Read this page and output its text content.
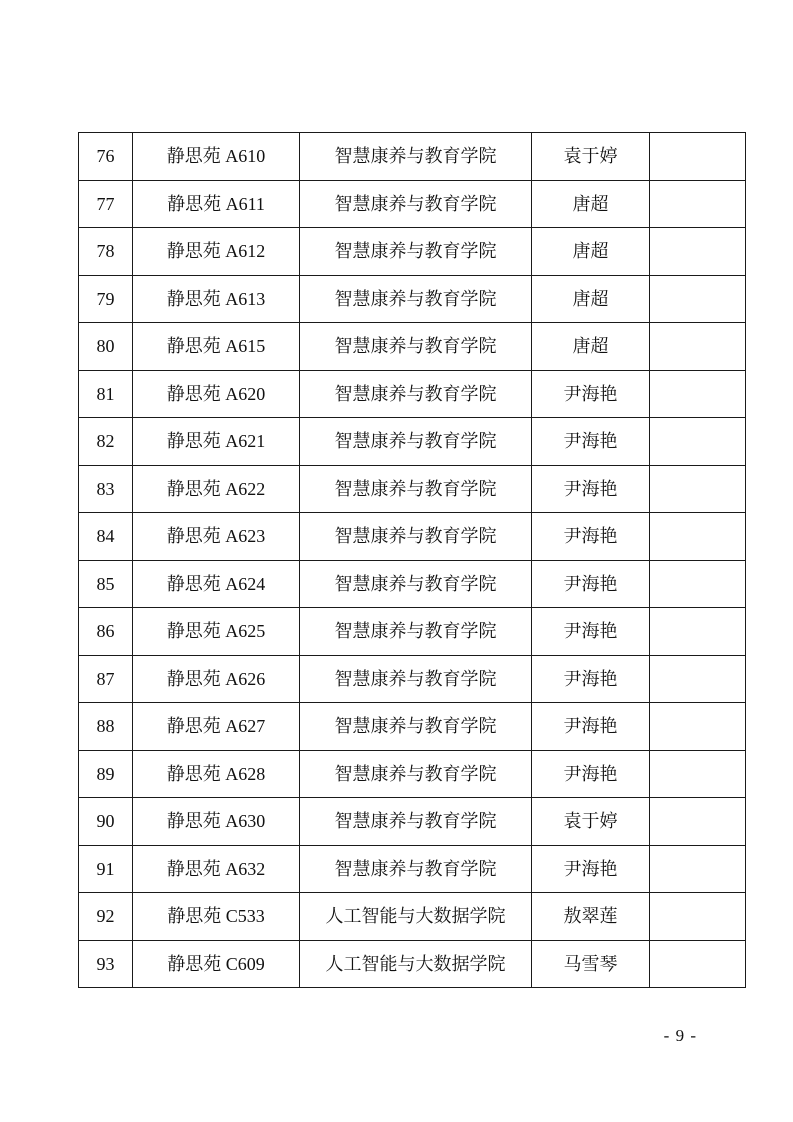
76	静思苑 A610	智慧康养与教育学院	袁于婷	
77	静思苑 A611	智慧康养与教育学院	唐超	
78	静思苑 A612	智慧康养与教育学院	唐超	
79	静思苑 A613	智慧康养与教育学院	唐超	
80	静思苑 A615	智慧康养与教育学院	唐超	
81	静思苑 A620	智慧康养与教育学院	尹海艳	
82	静思苑 A621	智慧康养与教育学院	尹海艳	
83	静思苑 A622	智慧康养与教育学院	尹海艳	
84	静思苑 A623	智慧康养与教育学院	尹海艳	
85	静思苑 A624	智慧康养与教育学院	尹海艳	
86	静思苑 A625	智慧康养与教育学院	尹海艳	
87	静思苑 A626	智慧康养与教育学院	尹海艳	
88	静思苑 A627	智慧康养与教育学院	尹海艳	
89	静思苑 A628	智慧康养与教育学院	尹海艳	
90	静思苑 A630	智慧康养与教育学院	袁于婷	
91	静思苑 A632	智慧康养与教育学院	尹海艳	
92	静思苑 C533	人工智能与大数据学院	敖翠莲	
93	静思苑 C609	人工智能与大数据学院	马雪琴	
- 9 -
